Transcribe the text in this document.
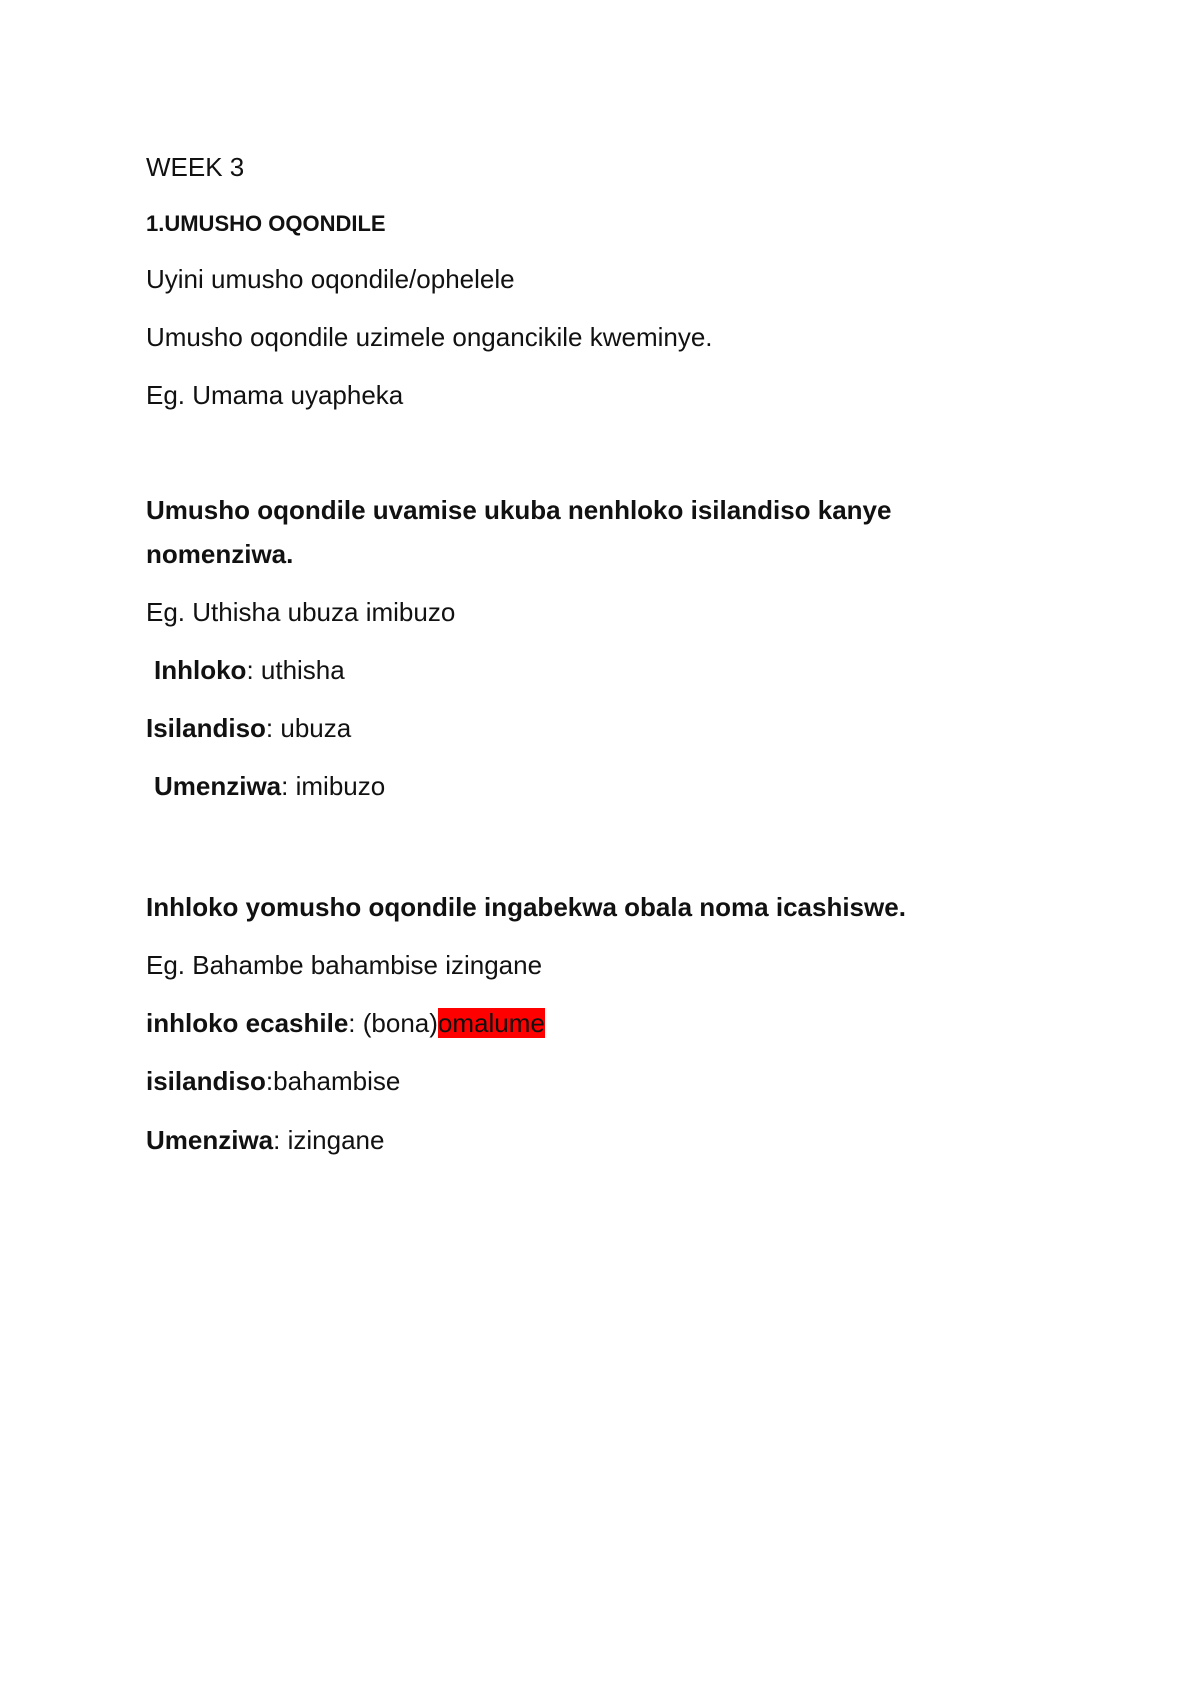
WEEK 3

1.UMUSHO OQONDILE

Uyini umusho oqondile/ophelele

Umusho oqondile uzimele ongancikile kweminye.

Eg. Umama uyapheka

Umusho oqondile uvamise ukuba nenhloko isilandiso kanye

nomenziwa.

Eg. Uthisha ubuza imibuzo

Inhloko: uthisha

Isilandiso: ubuza

Umenziwa: imibuzo

Inhloko yomusho oqondile ingabekwa obala noma icashiswe.

Eg. Bahambe bahambise izingane

inhloko ecashile: (bona)omalume

isilandiso:bahambise

Umenziwa: izingane
